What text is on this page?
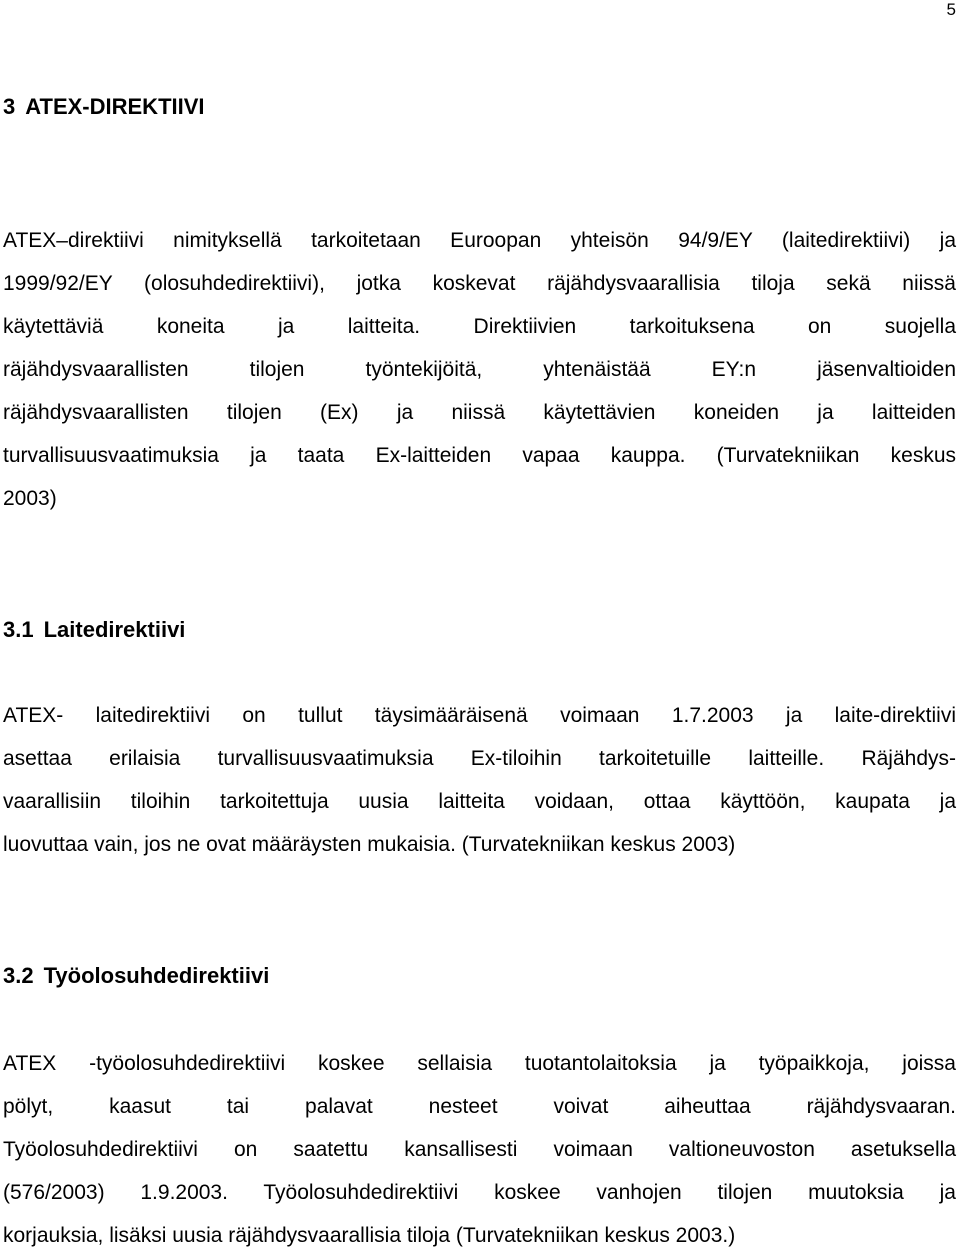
5
3 ATEX-DIREKTIIVI
ATEX–direktiivi nimityksellä tarkoitetaan Euroopan yhteisön 94/9/EY (laitedirektiivi) ja
1999/92/EY (olosuhdedirektiivi), jotka koskevat räjähdysvaarallisia tiloja sekä niissä
käytettäviä koneita ja laitteita. Direktiivien tarkoituksena on suojella
räjähdysvaarallisten tilojen työntekijöitä, yhtenäistää EY:n jäsenvaltioiden
räjähdysvaarallisten tilojen (Ex) ja niissä käytettävien koneiden ja laitteiden
turvallisuusvaatimuksia ja taata Ex-laitteiden vapaa kauppa. (Turvatekniikan keskus
2003)
3.1 Laitedirektiivi
ATEX- laitedirektiivi on tullut täysimääräisenä voimaan 1.7.2003 ja laite-direktiivi
asettaa erilaisia turvallisuusvaatimuksia Ex-tiloihin tarkoitetuille laitteille. Räjähdys-
vaarallisiin tiloihin tarkoitettuja uusia laitteita voidaan, ottaa käyttöön, kaupata ja
luovuttaa vain, jos ne ovat määräysten mukaisia. (Turvatekniikan keskus 2003)
3.2 Työolosuhdedirektiivi
ATEX -työolosuhdedirektiivi koskee sellaisia tuotantolaitoksia ja työpaikkoja, joissa
pölyt, kaasut tai palavat nesteet voivat aiheuttaa räjähdysvaaran.
Työolosuhdedirektiivi on saatettu kansallisesti voimaan valtioneuvoston asetuksella
(576/2003) 1.9.2003. Työolosuhdedirektiivi koskee vanhojen tilojen muutoksia ja
korjauksia, lisäksi uusia räjähdysvaarallisia tiloja (Turvatekniikan keskus 2003.)
